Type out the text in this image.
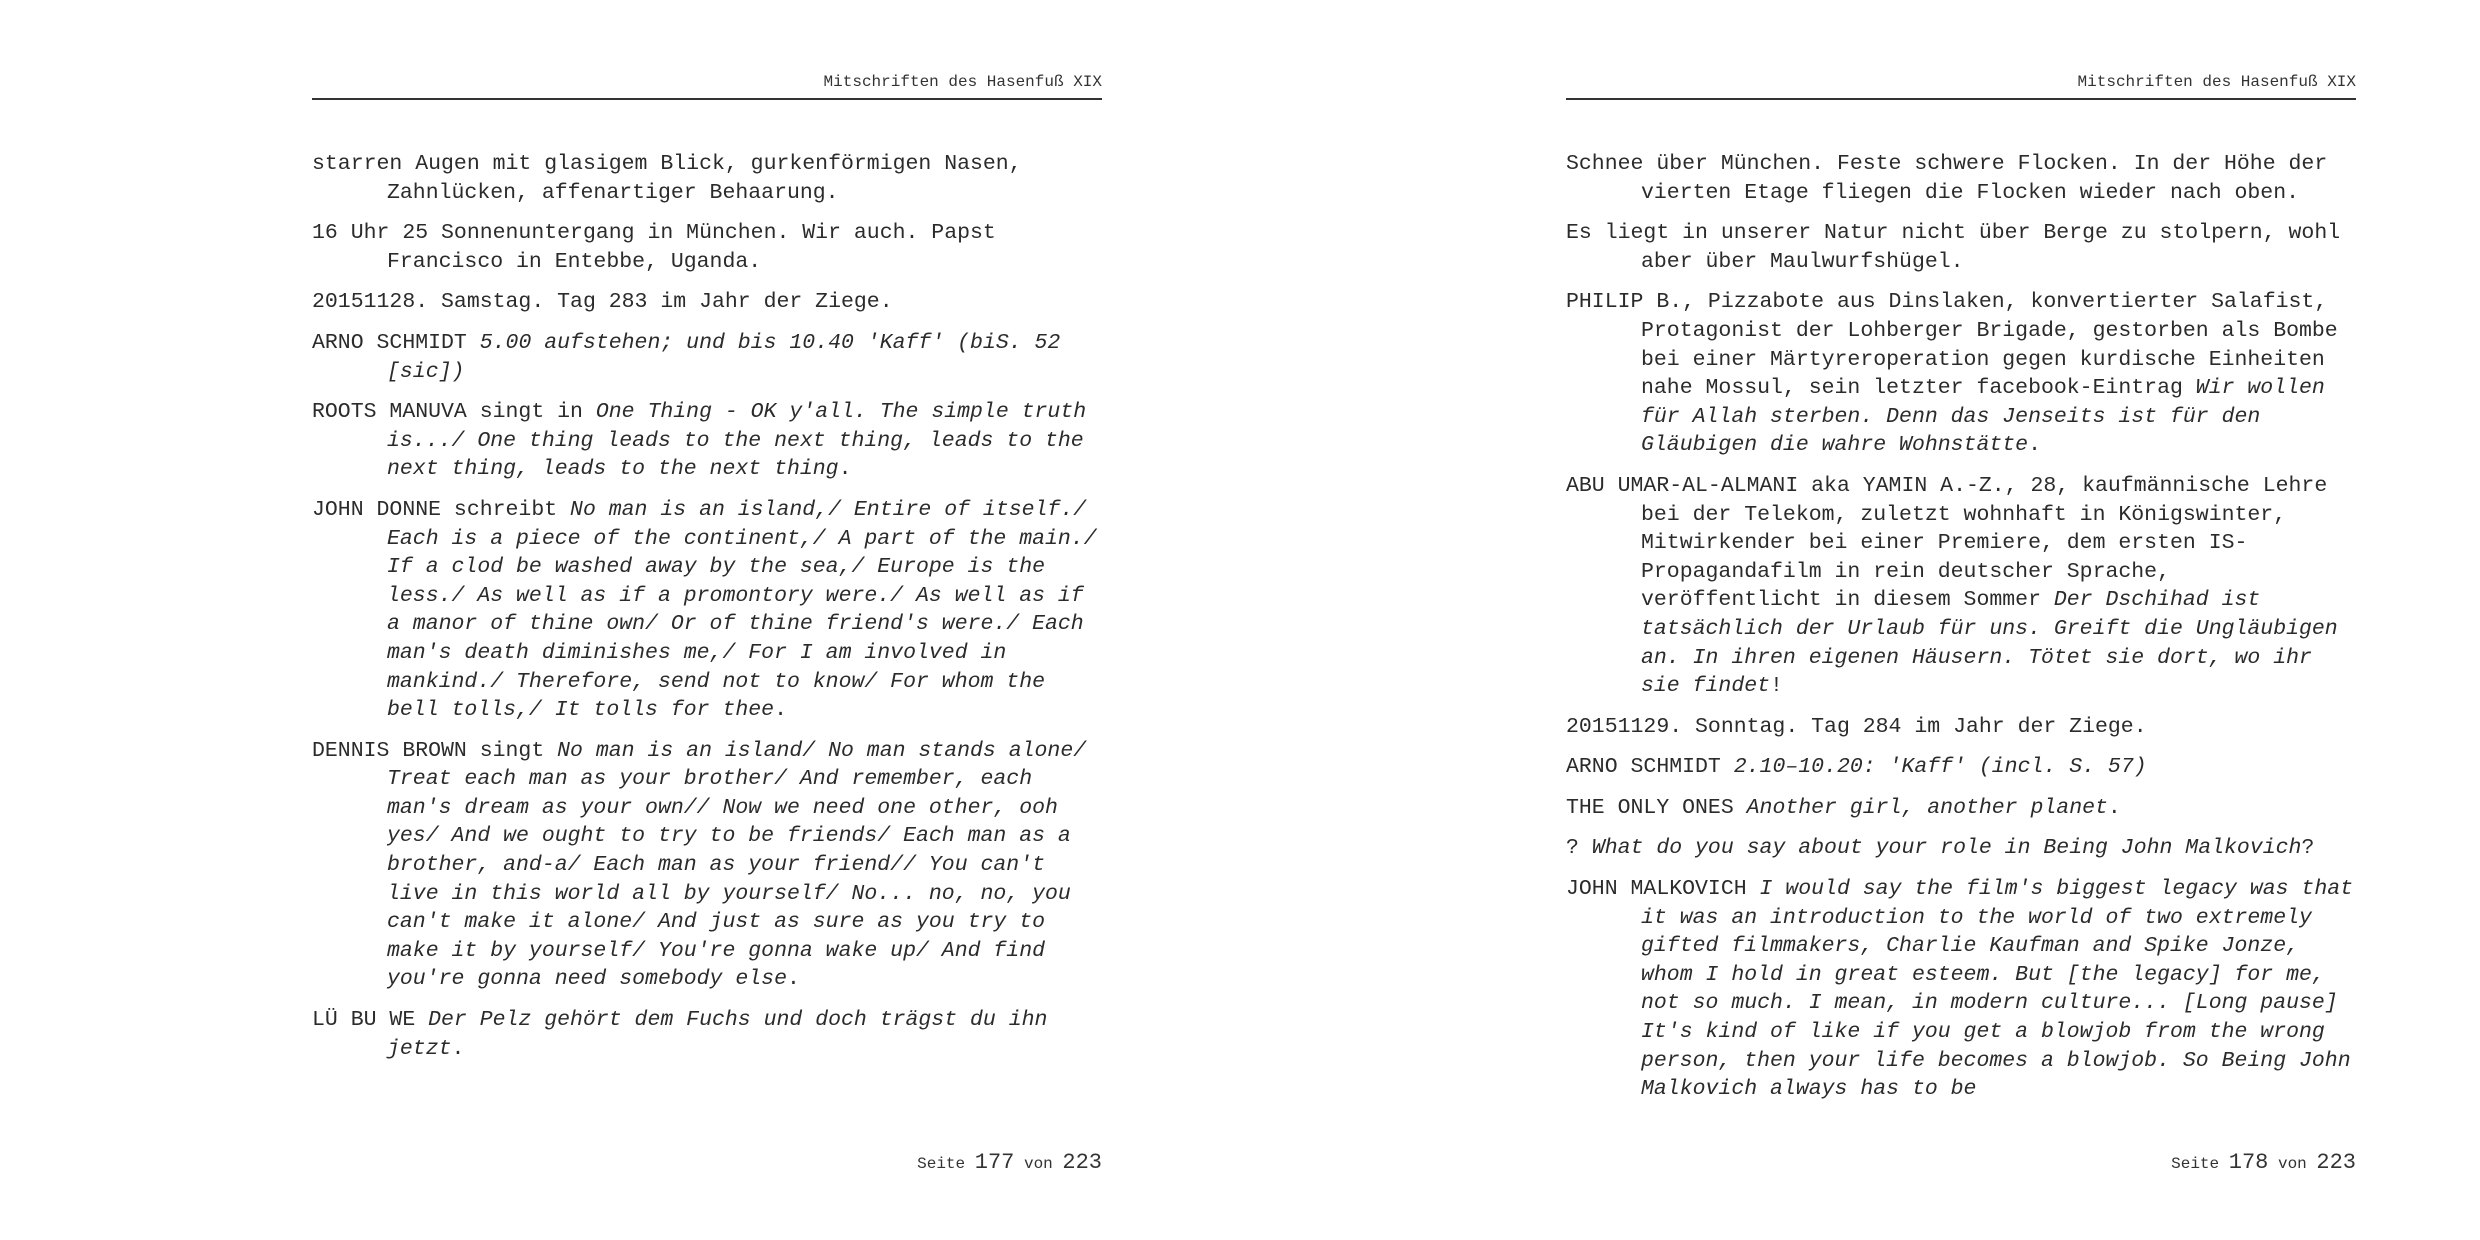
Mitschriften des Hasenfuß XIX

starren Augen mit glasigem Blick, gurkenförmigen Nasen, Zahnlücken, affenartiger Behaarung.

16 Uhr 25 Sonnenuntergang in München. Wir auch. Papst Francisco in Entebbe, Uganda.

20151128. Samstag. Tag 283 im Jahr der Ziege.

ARNO SCHMIDT 5.00 aufstehen; und bis 10.40 'Kaff' (biS. 52 [sic])

ROOTS MANUVA singt in One Thing - OK y'all. The simple truth is.../ One thing leads to the next thing, leads to the next thing, leads to the next thing.

JOHN DONNE schreibt No man is an island,/ Entire of itself./ Each is a piece of the continent,/ A part of the main./ If a clod be washed away by the sea,/ Europe is the less./ As well as if a promontory were./ As well as if a manor of thine own/ Or of thine friend's were./ Each man's death diminishes me,/ For I am involved in mankind./ Therefore, send not to know/ For whom the bell tolls,/ It tolls for thee.

DENNIS BROWN singt No man is an island/ No man stands alone/ Treat each man as your brother/ And remember, each man's dream as your own// Now we need one other, ooh yes/ And we ought to try to be friends/ Each man as a brother, and-a/ Each man as your friend// You can't live in this world all by yourself/ No... no, no, you can't make it alone/ And just as sure as you try to make it by yourself/ You're gonna wake up/ And find you're gonna need somebody else.

LÜ BU WE Der Pelz gehört dem Fuchs und doch trägst du ihn jetzt.

Seite 177 von 223
Mitschriften des Hasenfuß XIX

Schnee über München. Feste schwere Flocken. In der Höhe der vierten Etage fliegen die Flocken wieder nach oben.

Es liegt in unserer Natur nicht über Berge zu stolpern, wohl aber über Maulwurfshügel.

PHILIP B., Pizzabote aus Dinslaken, konvertierter Salafist, Protagonist der Lohberger Brigade, gestorben als Bombe bei einer Märtyreroperation gegen kurdische Einheiten nahe Mossul, sein letzter facebook-Eintrag Wir wollen für Allah sterben. Denn das Jenseits ist für den Gläubigen die wahre Wohnstätte.

ABU UMAR-AL-ALMANI aka YAMIN A.-Z., 28, kaufmännische Lehre bei der Telekom, zuletzt wohnhaft in Königswinter, Mitwirkender bei einer Premiere, dem ersten IS-Propagandafilm in rein deutscher Sprache, veröffentlicht in diesem Sommer Der Dschihad ist tatsächlich der Urlaub für uns. Greift die Ungläubigen an. In ihren eigenen Häusern. Tötet sie dort, wo ihr sie findet!

20151129. Sonntag. Tag 284 im Jahr der Ziege.

ARNO SCHMIDT 2.10–10.20: 'Kaff' (incl. S. 57)

THE ONLY ONES Another girl, another planet.

? What do you say about your role in Being John Malkovich?

JOHN MALKOVICH I would say the film's biggest legacy was that it was an introduction to the world of two extremely gifted filmmakers, Charlie Kaufman and Spike Jonze, whom I hold in great esteem. But [the legacy] for me, not so much. I mean, in modern culture... [Long pause] It's kind of like if you get a blowjob from the wrong person, then your life becomes a blowjob. So Being John Malkovich always has to be

Seite 178 von 223
